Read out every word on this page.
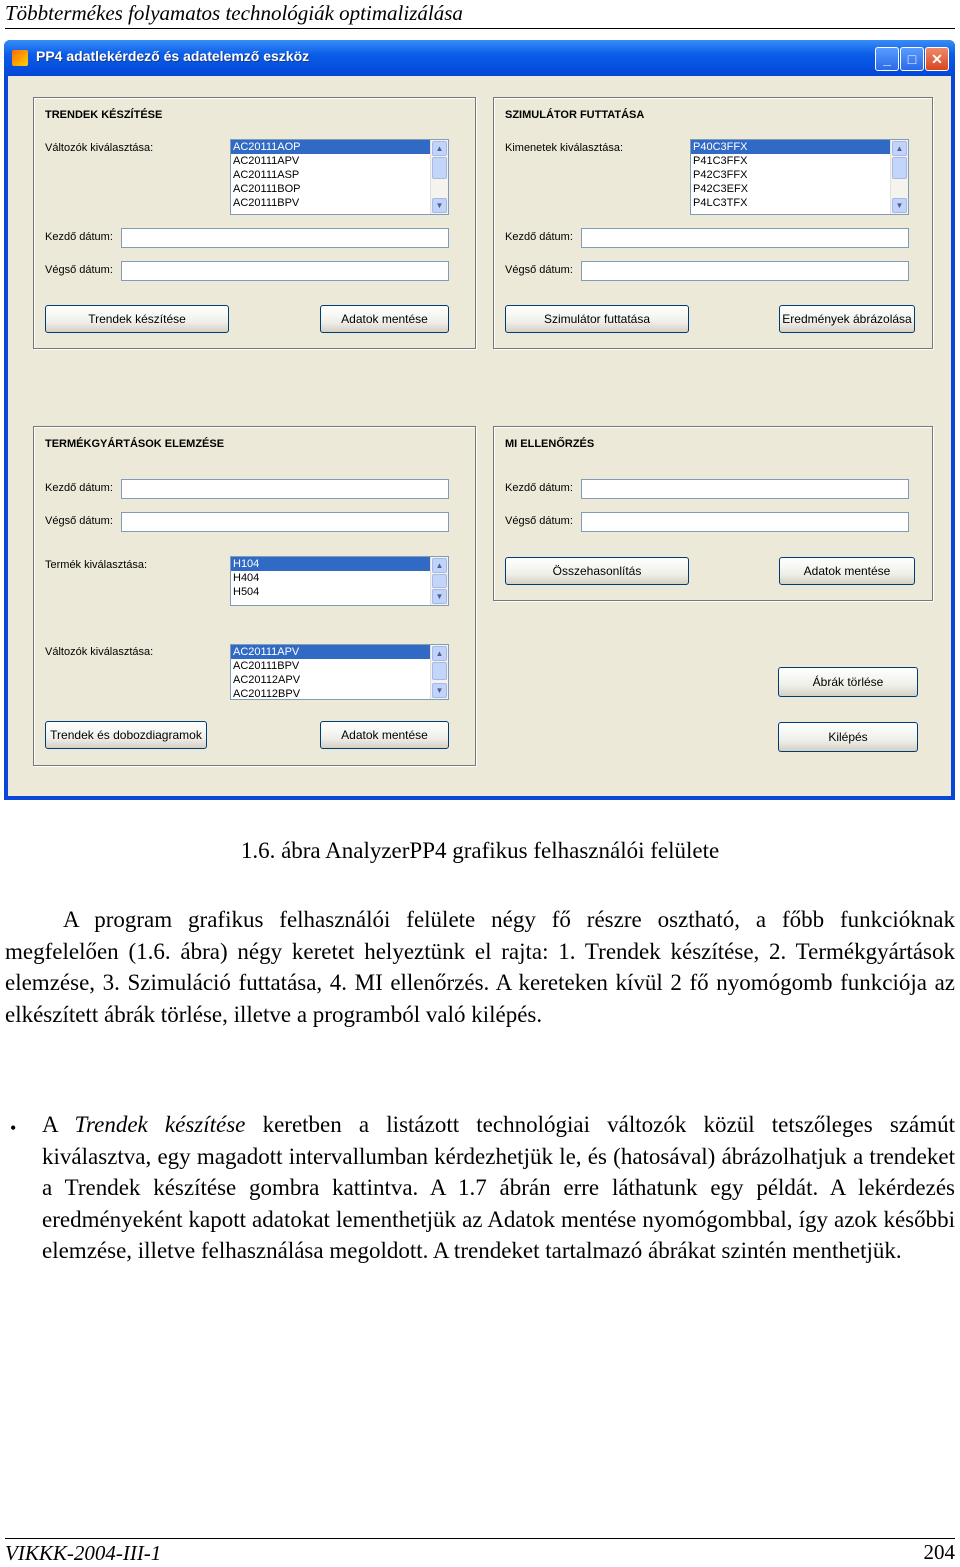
Többtermékes folyamatos technológiák optimalizálása
PP4 adatlekérdező és adatelemző eszköz	_	□	✕
TRENDEK KÉSZÍTÉSE
Változók kiválasztása:	AC20111AOP
AC20111APV
AC20111ASP
AC20111BOP
AC20111BPV
▲
▼
Kezdő dátum:
Végső dátum:
Trendek készítése	Adatok mentése
SZIMULÁTOR FUTTATÁSA
Kimenetek kiválasztása:	P40C3FFX
P41C3FFX
P42C3FFX
P42C3EFX
P4LC3TFX
▲
▼
Kezdő dátum:
Végső dátum:
Szimulátor futtatása	Eredmények ábrázolása
TERMÉKGYÁRTÁSOK ELEMZÉSE
Kezdő dátum:
Végső dátum:
Termék kiválasztása:	H104
H404
H504
▲
▼
Változók kiválasztása:	AC20111APV
AC20111BPV
AC20112APV
AC20112BPV
▲
▼
Trendek és dobozdiagramok	Adatok mentése
MI ELLENŐRZÉS
Kezdő dátum:
Végső dátum:
Összehasonlítás	Adatok mentése
Ábrák törlése
Kilépés
1.6. ábra AnalyzerPP4 grafikus felhasználói felülete
A program grafikus felhasználói felülete négy fő részre osztható, a főbb funkcióknak megfelelően (1.6. ábra) négy keretet helyeztünk el rajta: 1. Trendek készítése, 2. Termékgyártások elemzése, 3. Szimuláció futtatása, 4. MI ellenőrzés. A kereteken kívül 2 fő nyomógomb funkciója az elkészített ábrák törlése, illetve a programból való kilépés.
• A Trendek készítése keretben a listázott technológiai változók közül tetszőleges számút kiválasztva, egy magadott intervallumban kérdezhetjük le, és (hatosával) ábrázolhatjuk a trendeket a Trendek készítése gombra kattintva. A 1.7 ábrán erre láthatunk egy példát. A lekérdezés eredményeként kapott adatokat lementhetjük az Adatok mentése nyomógombbal, így azok későbbi elemzése, illetve felhasználása megoldott. A trendeket tartalmazó ábrákat szintén menthetjük.
VIKKK-2004-III-1	204
